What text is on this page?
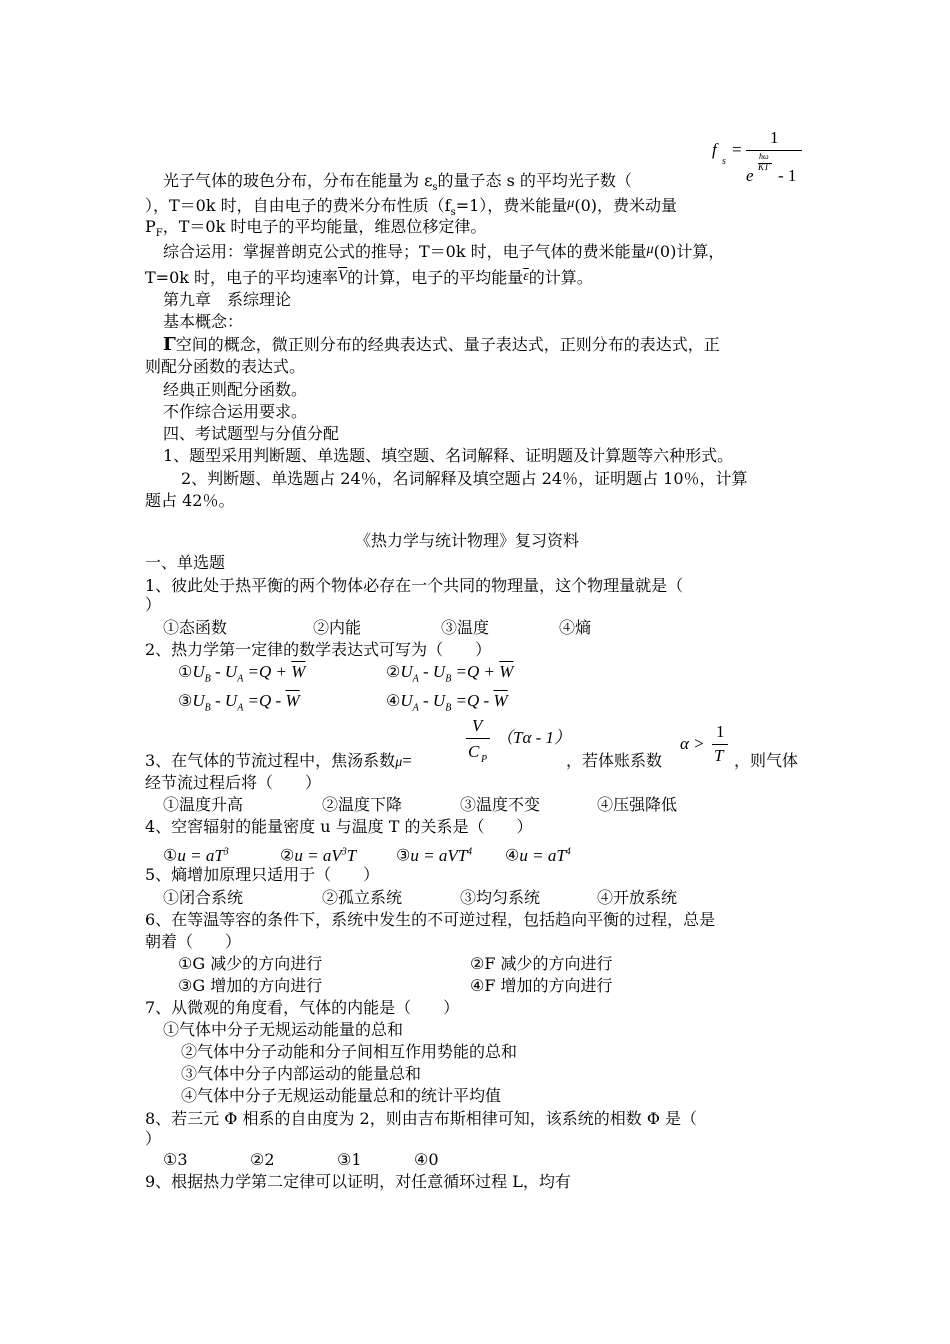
f
s
=
1
e
ħω
KT - 1
光子气体的玻色分布，分布在能量为 $\varepsilon_s$的量子态 s 的平均光子数（
），T＝0k 时，自由电子的费米分布性质$(f_s=1)$，费米能量μ(0)，费米动量
$P_F$，T＝0k 时电子的平均能量，维恩位移定律。
综合运用：掌握普朗克公式的推导；T＝0k 时，电子气体的费米能量μ(0)计算，
T=0k 时，电子的平均速率$\overline{V}$的计算，电子的平均能量$\overline{\varepsilon}$的计算。
第九章　系综理论
基本概念：
Γ空间的概念，微正则分布的经典表达式、量子表达式，正则分布的表达式，正
则配分函数的表达式。
经典正则配分函数。
不作综合运用要求。
四、考试题型与分值分配
1、题型采用判断题、单选题、填空题、名词解释、证明题及计算题等六种形式。
2、判断题、单选题占 24％，名词解释及填空题占 24％，证明题占 10％，计算
题占 42％。
《热力学与统计物理》复习资料
一、单选题
1、彼此处于热平衡的两个物体必存在一个共同的物理量，这个物理量就是（
）
①态函数	②内能	③温度	④熵
2、热力学第一定律的数学表达式可写为（　　）
$①U_B - U_A =Q + \overline{W}$	$②U_A - U_B =Q + \overline{W}$
$③U_B - U_A =Q - \overline{W}$	$④U_A - U_B =Q - \overline{W}$
V
C P
（Tα - 1）	α >
1
T
3、在气体的节流过程中，焦汤系数μ=	，若体账系数	，则气体
经节流过程后将（　　）
①温度升高	②温度下降	③温度不变	④压强降低
4、空窖辐射的能量密度 u 与温度 T 的关系是（　　）
①u = $aT^3$	②u = $aV^3T$ ③u = aVT$^4$ ④u = $aT^4$
5、熵增加原理只适用于（　　）
①闭合系统	②孤立系统	③均匀系统	④开放系统
6、在等温等容的条件下，系统中发生的不可逆过程，包括趋向平衡的过程，总是
朝着（　　）
①G 减少的方向进行	②F 减少的方向进行
③G 增加的方向进行	④F 增加的方向进行
7、从微观的角度看，气体的内能是（　　）
①气体中分子无规运动能量的总和
②气体中分子动能和分子间相互作用势能的总和
③气体中分子内部运动的能量总和
④气体中分子无规运动能量总和的统计平均值
8、若三元 Φ 相系的自由度为 2，则由吉布斯相律可知，该系统的相数 Φ 是（
）
①3	②2	③1	④0
9、根据热力学第二定律可以证明，对任意循环过程 L，均有
